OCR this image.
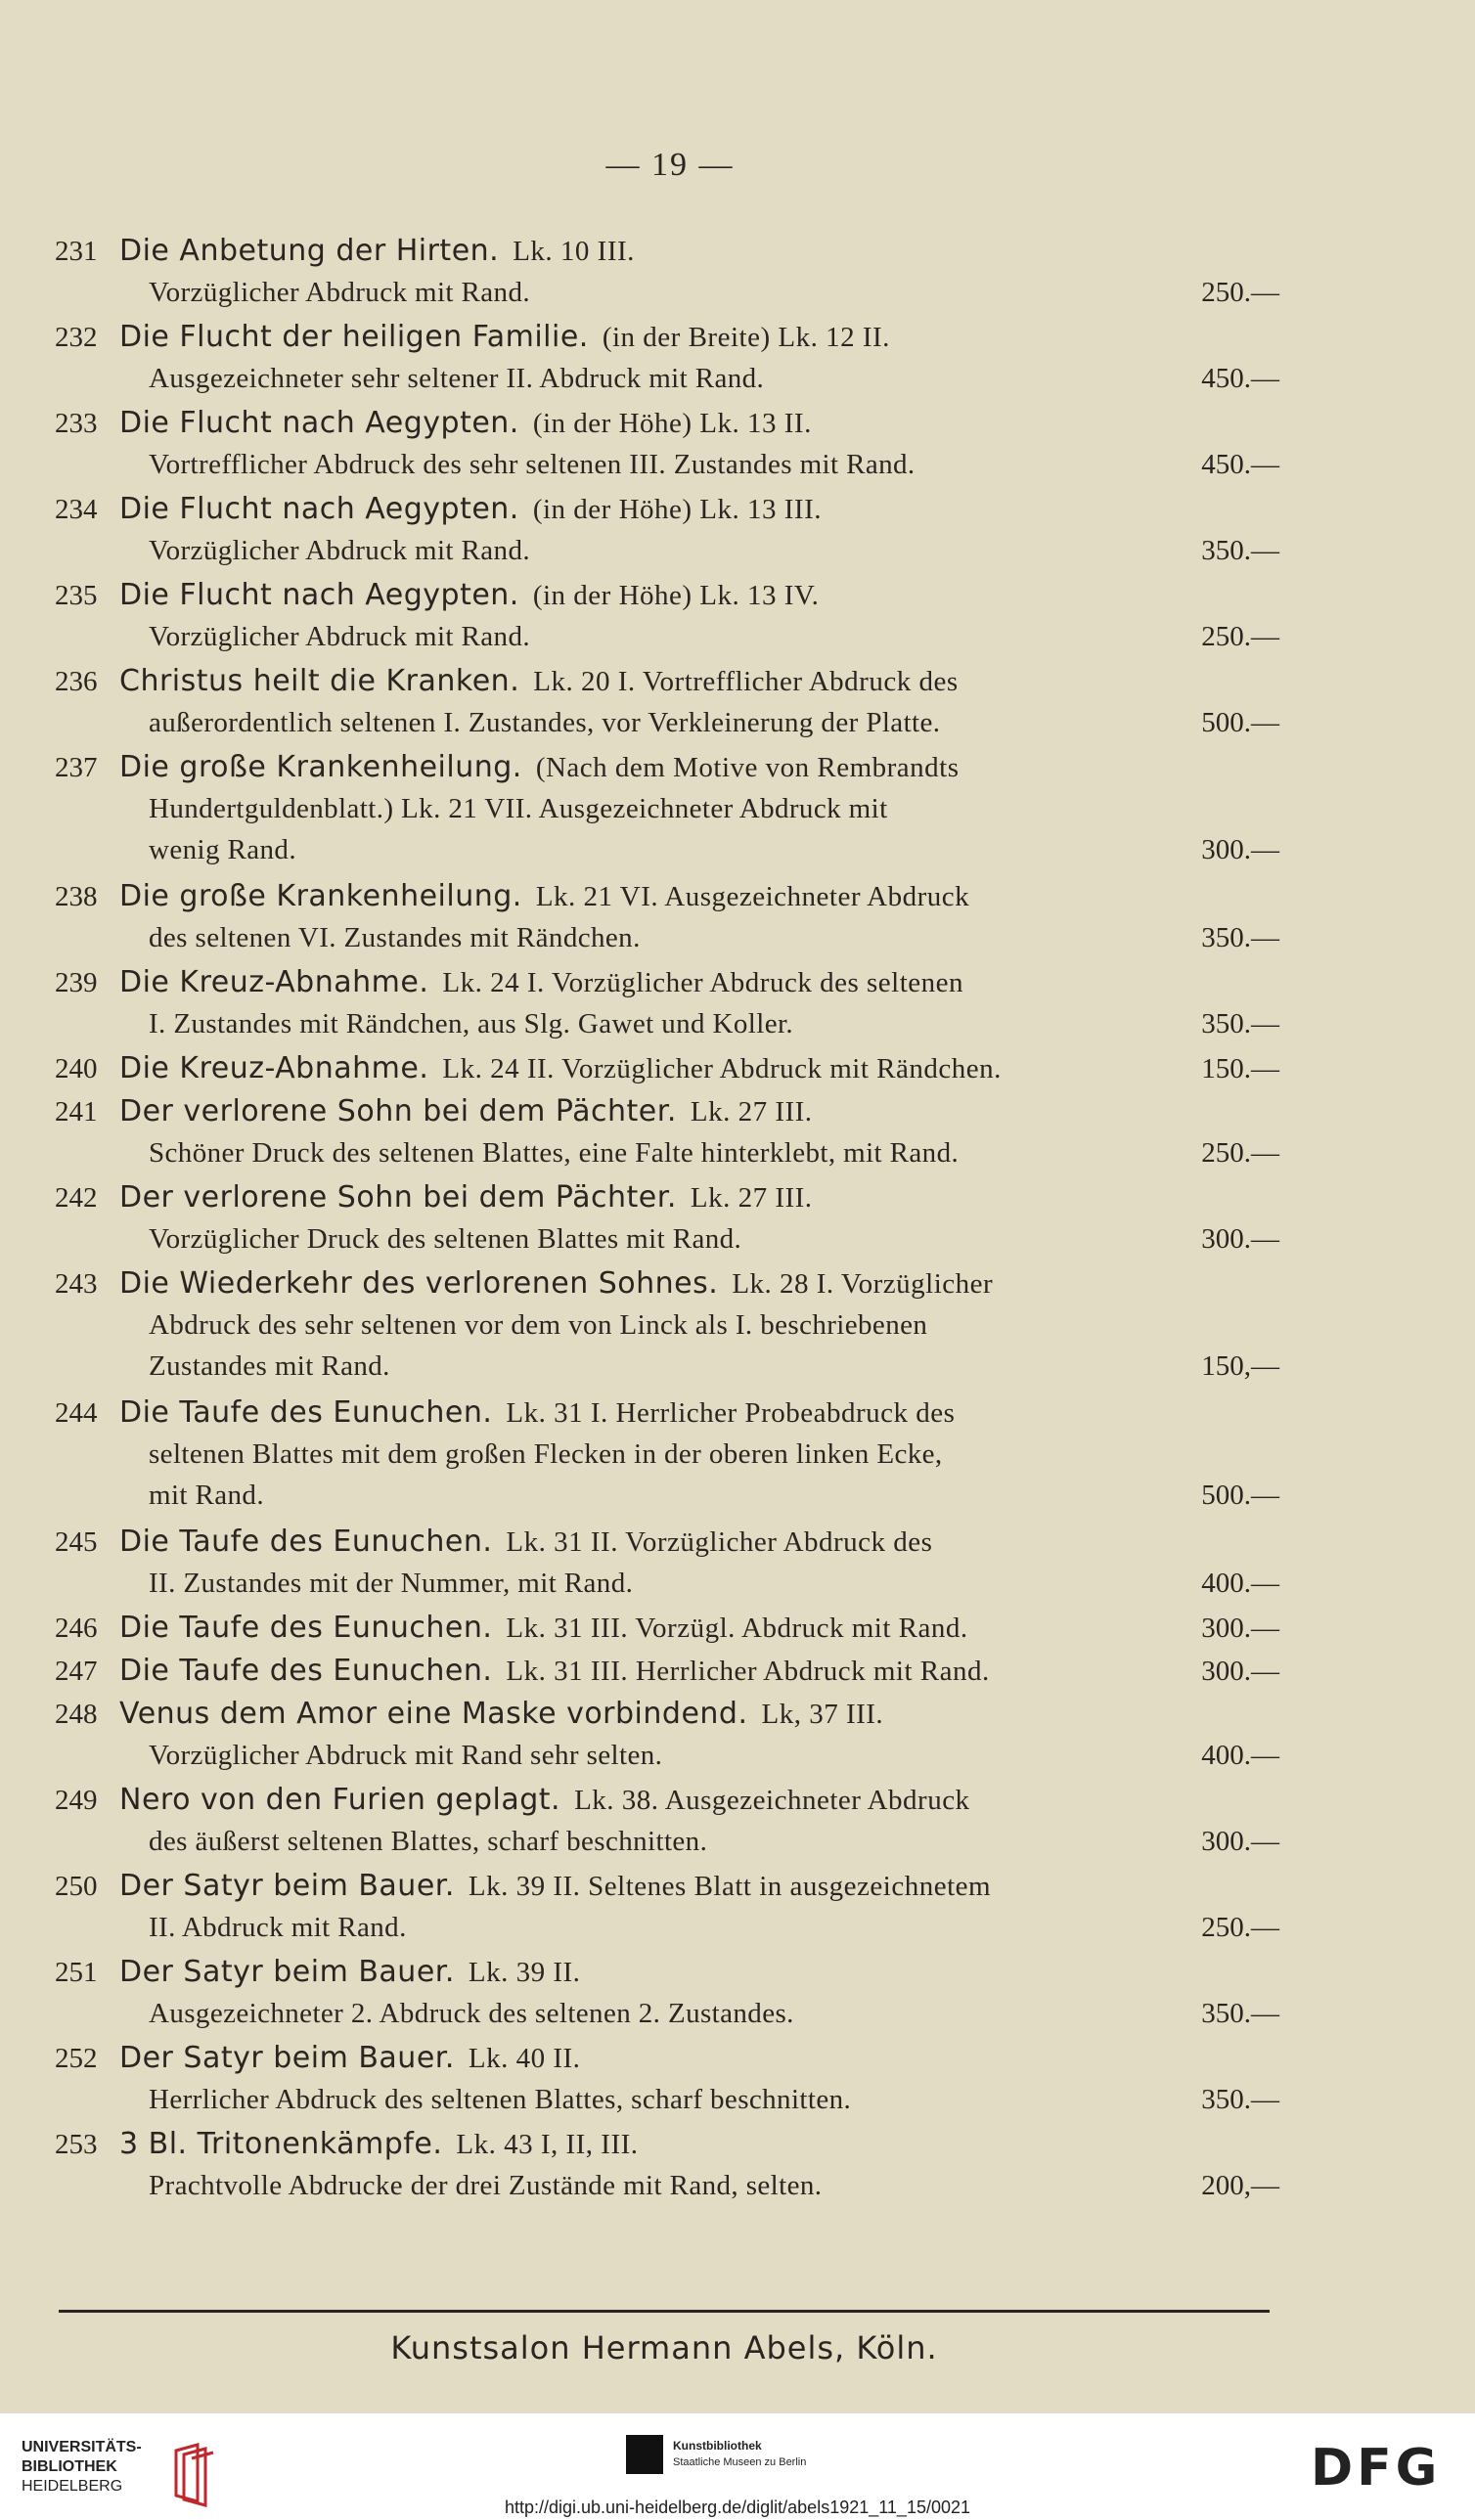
— 19 —
231 Die Anbetung der Hirten. Lk. 10 III.
Vorzüglicher Abdruck mit Rand.	250.—
232 Die Flucht der heiligen Familie. (in der Breite) Lk. 12 II.
Ausgezeichneter sehr seltener II. Abdruck mit Rand.	450.—
233 Die Flucht nach Aegypten. (in der Höhe) Lk. 13 II.
Vortrefflicher Abdruck des sehr seltenen III. Zustandes mit Rand.	450.—
234 Die Flucht nach Aegypten. (in der Höhe) Lk. 13 III.
Vorzüglicher Abdruck mit Rand.	350.—
235 Die Flucht nach Aegypten. (in der Höhe) Lk. 13 IV.
Vorzüglicher Abdruck mit Rand.	250.—
236 Christus heilt die Kranken. Lk. 20 I. Vortrefflicher Abdruck des
außerordentlich seltenen I. Zustandes, vor Verkleinerung der Platte.	500.—
237 Die große Krankenheilung. (Nach dem Motive von Rembrandts
Hundertguldenblatt.) Lk. 21 VII. Ausgezeichneter Abdruck mit
wenig Rand.	300.—
238 Die große Krankenheilung. Lk. 21 VI. Ausgezeichneter Abdruck
des seltenen VI. Zustandes mit Rändchen.	350.—
239 Die Kreuz-Abnahme. Lk. 24 I. Vorzüglicher Abdruck des seltenen
I. Zustandes mit Rändchen, aus Slg. Gawet und Koller.	350.—
240 Die Kreuz-Abnahme. Lk. 24 II. Vorzüglicher Abdruck mit Rändchen.	150.—
241 Der verlorene Sohn bei dem Pächter. Lk. 27 III.
Schöner Druck des seltenen Blattes, eine Falte hinterklebt, mit Rand.	250.—
242 Der verlorene Sohn bei dem Pächter. Lk. 27 III.
Vorzüglicher Druck des seltenen Blattes mit Rand.	300.—
243 Die Wiederkehr des verlorenen Sohnes. Lk. 28 I. Vorzüglicher
Abdruck des sehr seltenen vor dem von Linck als I. beschriebenen
Zustandes mit Rand.	150,—
244 Die Taufe des Eunuchen. Lk. 31 I. Herrlicher Probeabdruck des
seltenen Blattes mit dem großen Flecken in der oberen linken Ecke,
mit Rand.	500.—
245 Die Taufe des Eunuchen. Lk. 31 II. Vorzüglicher Abdruck des
II. Zustandes mit der Nummer, mit Rand.	400.—
246 Die Taufe des Eunuchen. Lk. 31 III. Vorzügl. Abdruck mit Rand.	300.—
247 Die Taufe des Eunuchen. Lk. 31 III. Herrlicher Abdruck mit Rand.	300.—
248 Venus dem Amor eine Maske vorbindend. Lk, 37 III.
Vorzüglicher Abdruck mit Rand sehr selten.	400.—
249 Nero von den Furien geplagt. Lk. 38. Ausgezeichneter Abdruck
des äußerst seltenen Blattes, scharf beschnitten.	300.—
250 Der Satyr beim Bauer. Lk. 39 II. Seltenes Blatt in ausgezeichnetem
II. Abdruck mit Rand.	250.—
251 Der Satyr beim Bauer. Lk. 39 II.
Ausgezeichneter 2. Abdruck des seltenen 2. Zustandes.	350.—
252 Der Satyr beim Bauer. Lk. 40 II.
Herrlicher Abdruck des seltenen Blattes, scharf beschnitten.	350.—
253 3 Bl. Tritonenkämpfe. Lk. 43 I, II, III.
Prachtvolle Abdrucke der drei Zustände mit Rand, selten.	200,—
Kunstsalon Hermann Abels, Köln.
UNIVERSITÄTS-
BIBLIOTHEK
HEIDELBERG
Kunstbibliothek
Staatliche Museen zu Berlin	DFG
http://digi.ub.uni-heidelberg.de/diglit/abels1921_11_15/0021
